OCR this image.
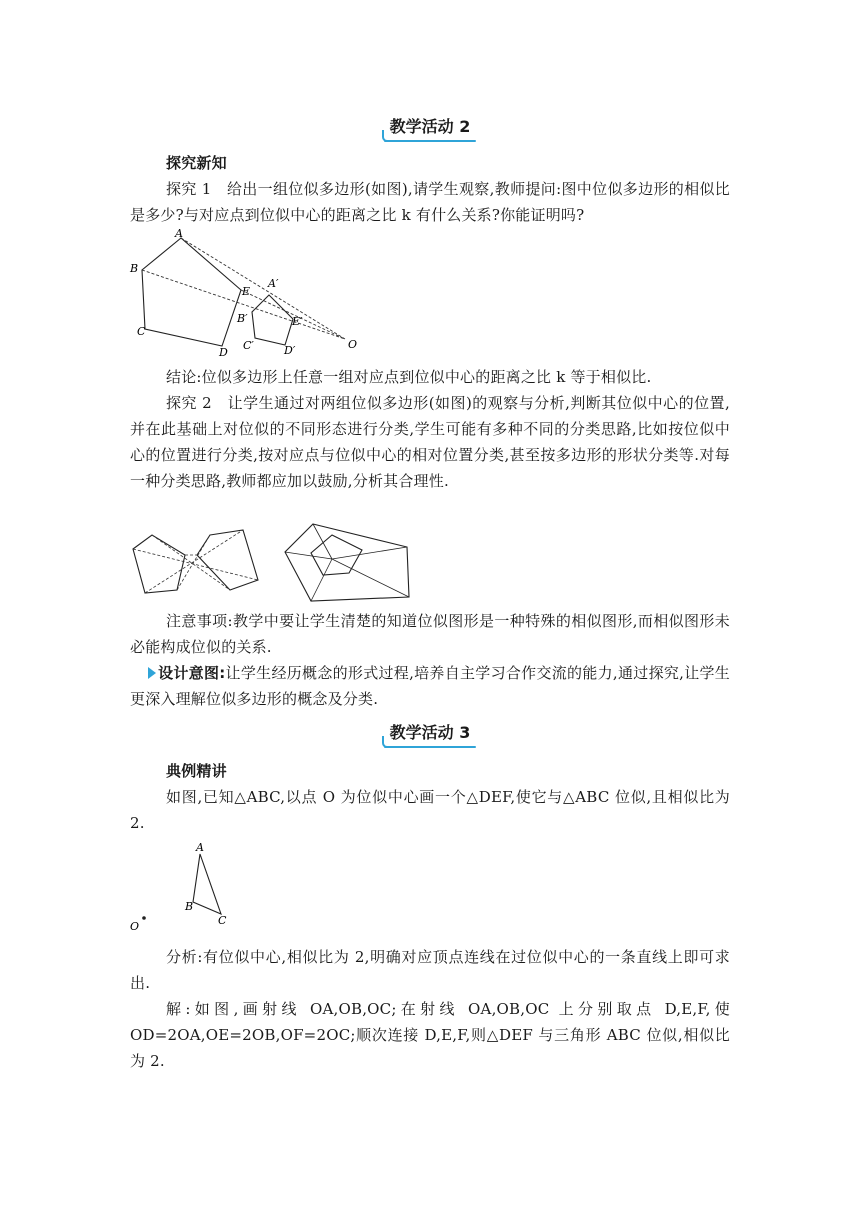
教学活动 2
探究新知
探究 1　给出一组位似多边形(如图),请学生观察,教师提问:图中位似多边形的相似比是多少?与对应点到位似中心的距离之比 k 有什么关系?你能证明吗?
A
B
C
D
E
A′
B′
C′	D′
E′
O
结论:位似多边形上任意一组对应点到位似中心的距离之比 k 等于相似比.
探究 2　让学生通过对两组位似多边形(如图)的观察与分析,判断其位似中心的位置,并在此基础上对位似的不同形态进行分类,学生可能有多种不同的分类思路,比如按位似中心的位置进行分类,按对应点与位似中心的相对位置分类,甚至按多边形的形状分类等.对每一种分类思路,教师都应加以鼓励,分析其合理性.
注意事项:教学中要让学生清楚的知道位似图形是一种特殊的相似图形,而相似图形未必能构成位似的关系.
设计意图:让学生经历概念的形式过程,培养自主学习合作交流的能力,通过探究,让学生更深入理解位似多边形的概念及分类.
教学活动 3
典例精讲
如图,已知△ABC,以点 O 为位似中心画一个△DEF,使它与△ABC 位似,且相似比为 2.
A
B
C
O
分析:有位似中心,相似比为 2,明确对应顶点连线在过位似中心的一条直线上即可求出.
解:如图,画射线 OA,OB,OC;在射线 OA,OB,OC 上分别取点 D,E,F,使 OD=2OA,OE=2OB,OF=2OC;顺次连接 D,E,F,则△DEF 与三角形 ABC 位似,相似比为 2.
